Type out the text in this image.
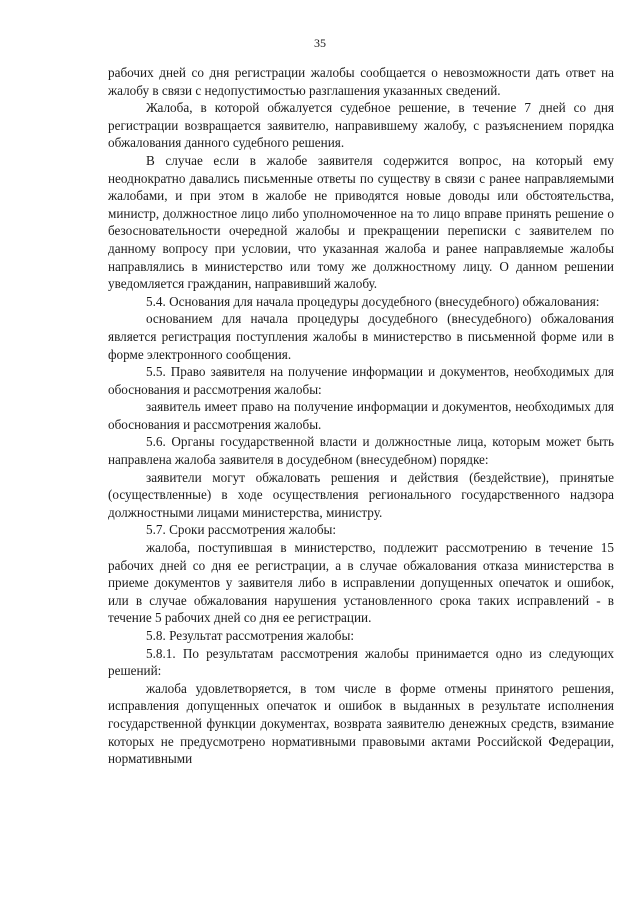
35

рабочих дней со дня регистрации жалобы сообщается о невозможности дать ответ на жалобу в связи с недопустимостью разглашения указанных сведений.

Жалоба, в которой обжалуется судебное решение, в течение 7 дней со дня регистрации возвращается заявителю, направившему жалобу, с разъяснением порядка обжалования данного судебного решения.

В случае если в жалобе заявителя содержится вопрос, на который ему неоднократно давались письменные ответы по существу в связи с ранее направляемыми жалобами, и при этом в жалобе не приводятся новые доводы или обстоятельства, министр, должностное лицо либо уполномоченное на то лицо вправе принять решение о безосновательности очередной жалобы и прекращении переписки с заявителем по данному вопросу при условии, что указанная жалоба и ранее направляемые жалобы направлялись в министерство или тому же должностному лицу. О данном решении уведомляется гражданин, направивший жалобу.

5.4. Основания для начала процедуры досудебного (внесудебного) обжалования:

основанием для начала процедуры досудебного (внесудебного) обжалования является регистрация поступления жалобы в министерство в письменной форме или в форме электронного сообщения.

5.5. Право заявителя на получение информации и документов, необходимых для обоснования и рассмотрения жалобы:

заявитель имеет право на получение информации и документов, необходимых для обоснования и рассмотрения жалобы.

5.6. Органы государственной власти и должностные лица, которым может быть направлена жалоба заявителя в досудебном (внесудебном) порядке:

заявители могут обжаловать решения и действия (бездействие), принятые (осуществленные) в ходе осуществления регионального государственного надзора должностными лицами министерства, министру.

5.7. Сроки рассмотрения жалобы:

жалоба, поступившая в министерство, подлежит рассмотрению в течение 15 рабочих дней со дня ее регистрации, а в случае обжалования отказа министерства в приеме документов у заявителя либо в исправлении допущенных опечаток и ошибок, или в случае обжалования нарушения установленного срока таких исправлений - в течение 5 рабочих дней со дня ее регистрации.

5.8. Результат рассмотрения жалобы:

5.8.1. По результатам рассмотрения жалобы принимается одно из следующих решений:

жалоба удовлетворяется, в том числе в форме отмены принятого решения, исправления допущенных опечаток и ошибок в выданных в результате исполнения государственной функции документах, возврата заявителю денежных средств, взимание которых не предусмотрено нормативными правовыми актами Российской Федерации, нормативными
